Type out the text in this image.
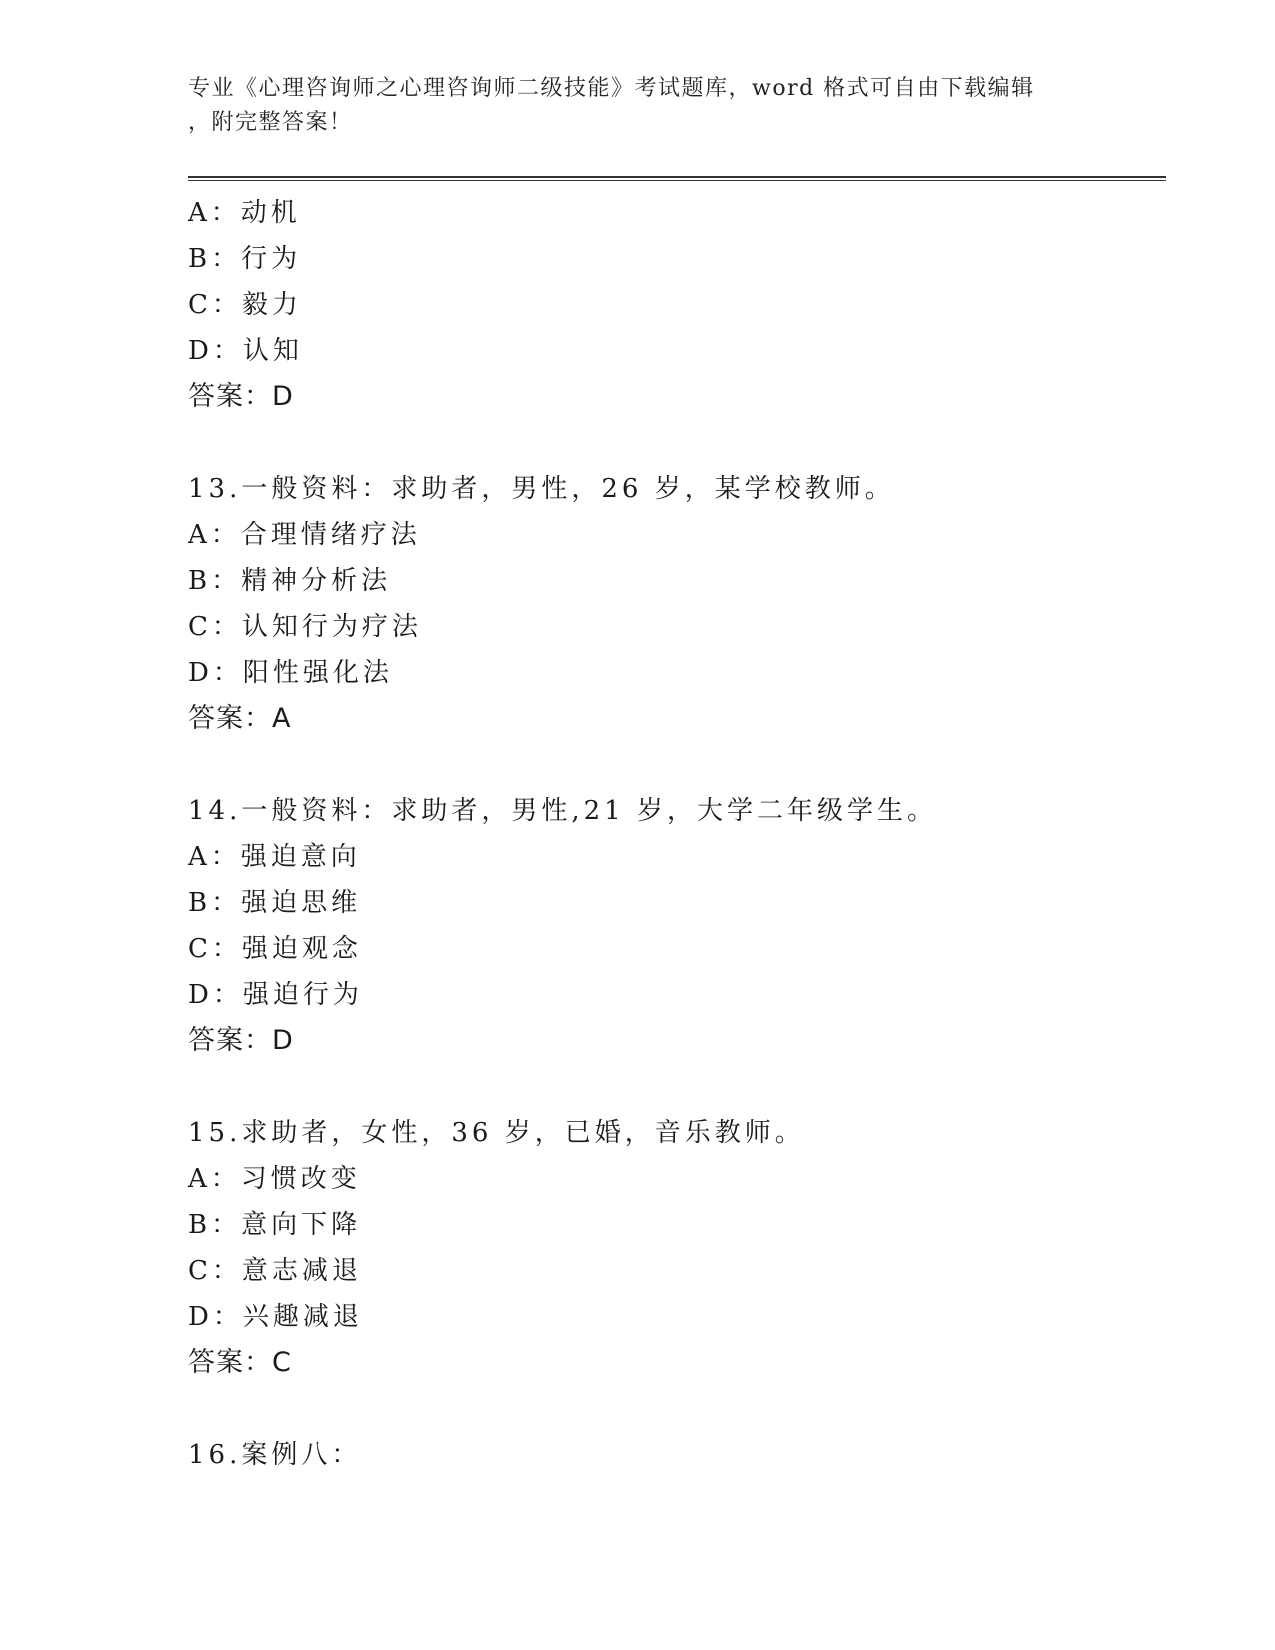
专业《心理咨询师之心理咨询师二级技能》考试题库，word 格式可自由下载编辑
，附完整答案！
A：动机
B：行为
C：毅力
D：认知
答案：D
13.一般资料：求助者，男性，26 岁，某学校教师。
A：合理情绪疗法
B：精神分析法
C：认知行为疗法
D：阳性强化法
答案：A
14.一般资料：求助者，男性,21 岁，大学二年级学生。
A：强迫意向
B：强迫思维
C：强迫观念
D：强迫行为
答案：D
15.求助者，女性，36 岁，已婚，音乐教师。
A：习惯改变
B：意向下降
C：意志减退
D：兴趣减退
答案：C
16.案例八：
